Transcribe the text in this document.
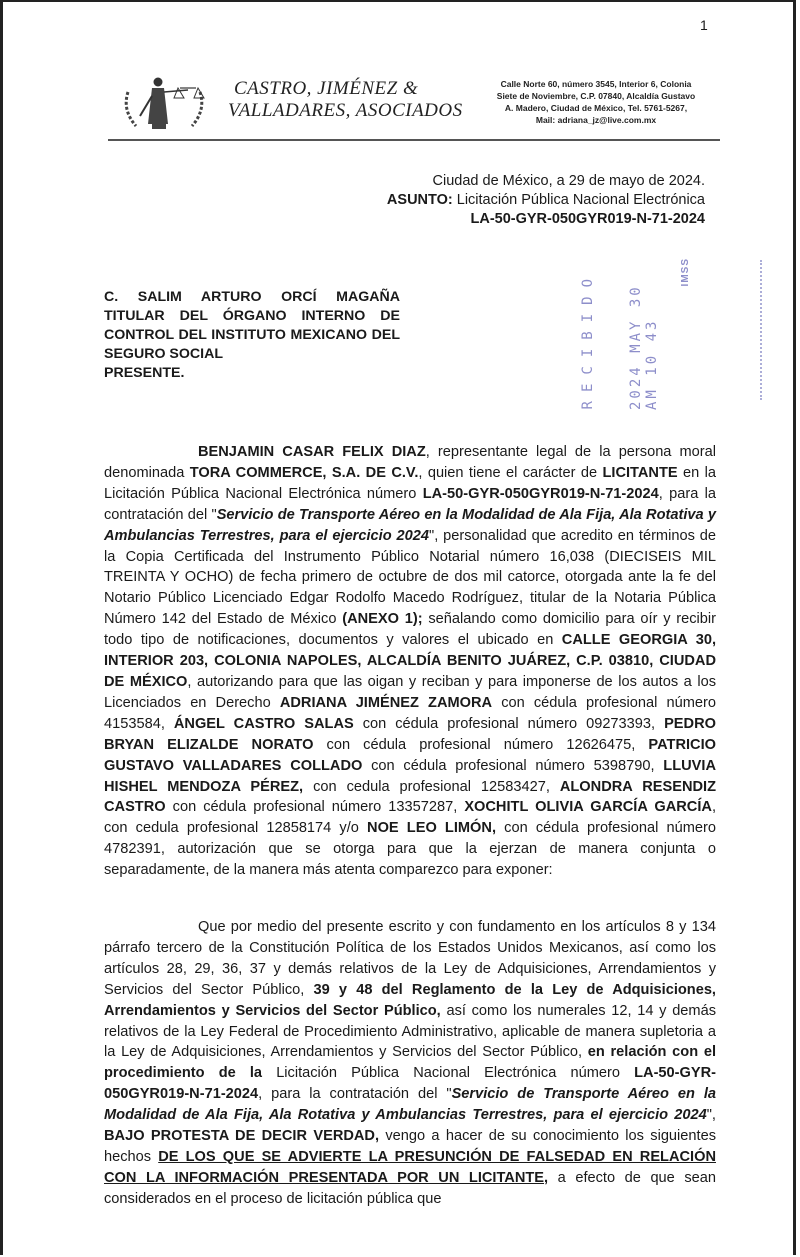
1
CASTRO, JIMÉNEZ &
VALLADARES, ASOCIADOS
Calle Norte 60, número 3545, Interior 6, Colonia
Siete de Noviembre, C.P. 07840, Alcaldía Gustavo
A. Madero, Ciudad de México, Tel. 5761-5267,
Mail: adriana_jz@live.com.mx
Ciudad de México, a 29 de mayo de 2024.
ASUNTO: Licitación Pública Nacional Electrónica
LA-50-GYR-050GYR019-N-71-2024
RECIBIDO 2024 MAY 30 AM 10 43
IMSS
C. SALIM ARTURO ORCÍ MAGAÑA
TITULAR DEL ÓRGANO INTERNO DE
CONTROL DEL INSTITUTO MEXICANO DEL
SEGURO SOCIAL
PRESENTE.

BENJAMIN CASAR FELIX DIAZ, representante legal de la persona moral denominada TORA COMMERCE, S.A. DE C.V., quien tiene el carácter de LICITANTE en la Licitación Pública Nacional Electrónica número LA-50-GYR-050GYR019-N-71-2024, para la contratación del "Servicio de Transporte Aéreo en la Modalidad de Ala Fija, Ala Rotativa y Ambulancias Terrestres, para el ejercicio 2024", personalidad que acredito en términos de la Copia Certificada del Instrumento Público Notarial número 16,038 (DIECISEIS MIL TREINTA Y OCHO) de fecha primero de octubre de dos mil catorce, otorgada ante la fe del Notario Público Licenciado Edgar Rodolfo Macedo Rodríguez, titular de la Notaria Pública Número 142 del Estado de México (ANEXO 1); señalando como domicilio para oír y recibir todo tipo de notificaciones, documentos y valores el ubicado en CALLE GEORGIA 30, INTERIOR 203, COLONIA NAPOLES, ALCALDÍA BENITO JUÁREZ, C.P. 03810, CIUDAD DE MÉXICO, autorizando para que las oigan y reciban y para imponerse de los autos a los Licenciados en Derecho ADRIANA JIMÉNEZ ZAMORA con cédula profesional número 4153584, ÁNGEL CASTRO SALAS con cédula profesional número 09273393, PEDRO BRYAN ELIZALDE NORATO con cédula profesional número 12626475, PATRICIO GUSTAVO VALLADARES COLLADO con cédula profesional número 5398790, LLUVIA HISHEL MENDOZA PÉREZ, con cedula profesional 12583427, ALONDRA RESENDIZ CASTRO con cédula profesional número 13357287, XOCHITL OLIVIA GARCÍA GARCÍA, con cedula profesional 12858174 y/o NOE LEO LIMÓN, con cédula profesional número 4782391, autorización que se otorga para que la ejerzan de manera conjunta o separadamente, de la manera más atenta comparezco para exponer:

Que por medio del presente escrito y con fundamento en los artículos 8 y 134 párrafo tercero de la Constitución Política de los Estados Unidos Mexicanos, así como los artículos 28, 29, 36, 37 y demás relativos de la Ley de Adquisiciones, Arrendamientos y Servicios del Sector Público, 39 y 48 del Reglamento de la Ley de Adquisiciones, Arrendamientos y Servicios del Sector Público, así como los numerales 12, 14 y demás relativos de la Ley Federal de Procedimiento Administrativo, aplicable de manera supletoria a la Ley de Adquisiciones, Arrendamientos y Servicios del Sector Público, en relación con el procedimiento de la Licitación Pública Nacional Electrónica número LA-50-GYR-050GYR019-N-71-2024, para la contratación del "Servicio de Transporte Aéreo en la Modalidad de Ala Fija, Ala Rotativa y Ambulancias Terrestres, para el ejercicio 2024", BAJO PROTESTA DE DECIR VERDAD, vengo a hacer de su conocimiento los siguientes hechos DE LOS QUE SE ADVIERTE LA PRESUNCIÓN DE FALSEDAD EN RELACIÓN CON LA INFORMACIÓN PRESENTADA POR UN LICITANTE, a efecto de que sean considerados en el proceso de licitación pública que
